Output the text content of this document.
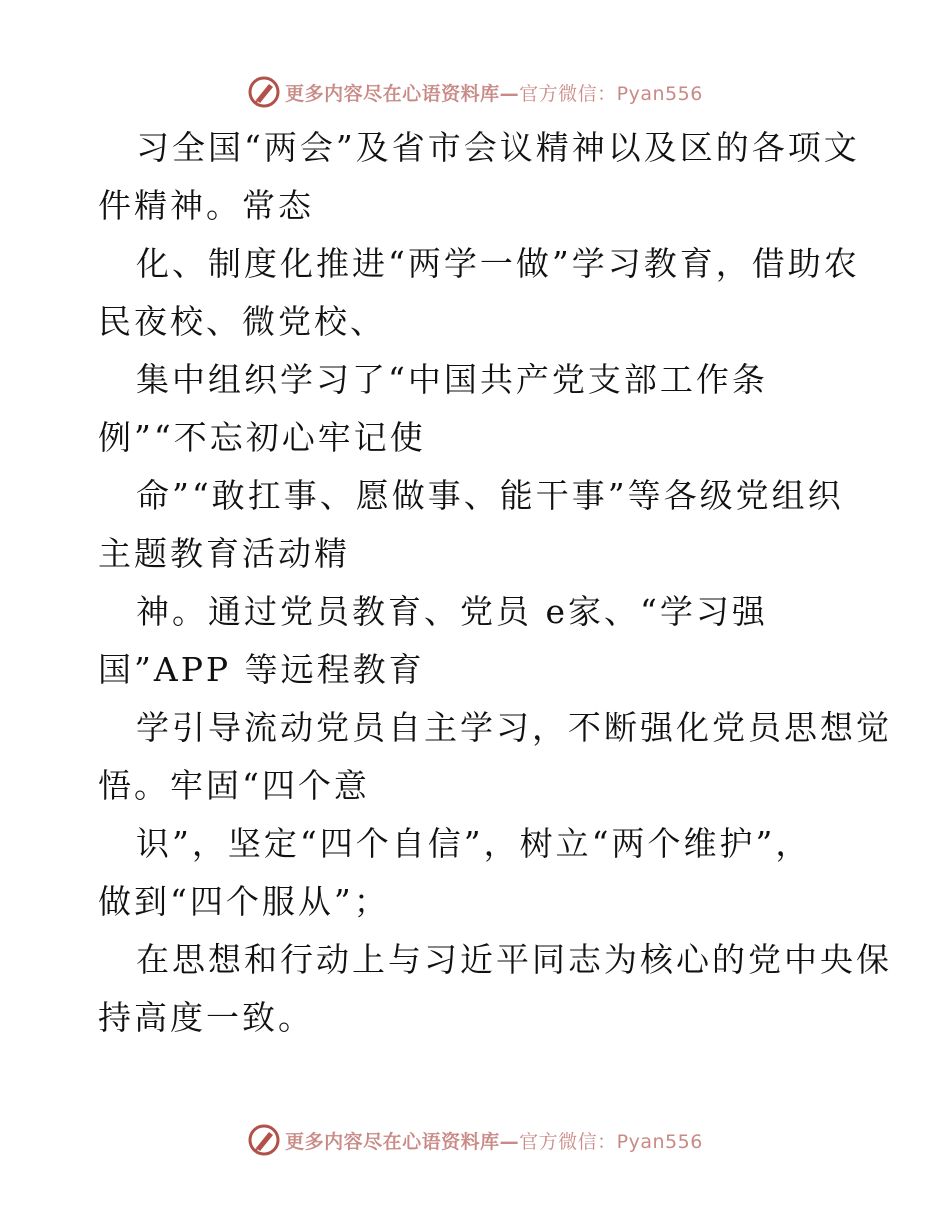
更多内容尽在心语资料库—官方微信：Pyan556
习全国“两会”及省市会议精神以及区的各项文
件精神。常态
化、制度化推进“两学一做”学习教育，借助农
民夜校、微党校、
集中组织学习了“中国共产党支部工作条
例”“不忘初心牢记使
命”“敢扛事、愿做事、能干事”等各级党组织
主题教育活动精
神。通过党员教育、党员 e家、“学习强
国”APP 等远程教育
学引导流动党员自主学习，不断强化党员思想觉
悟。牢固“四个意
识”，坚定“四个自信”，树立“两个维护”，
做到“四个服从”；
在思想和行动上与习近平同志为核心的党中央保
持高度一致。
更多内容尽在心语资料库—官方微信：Pyan556
